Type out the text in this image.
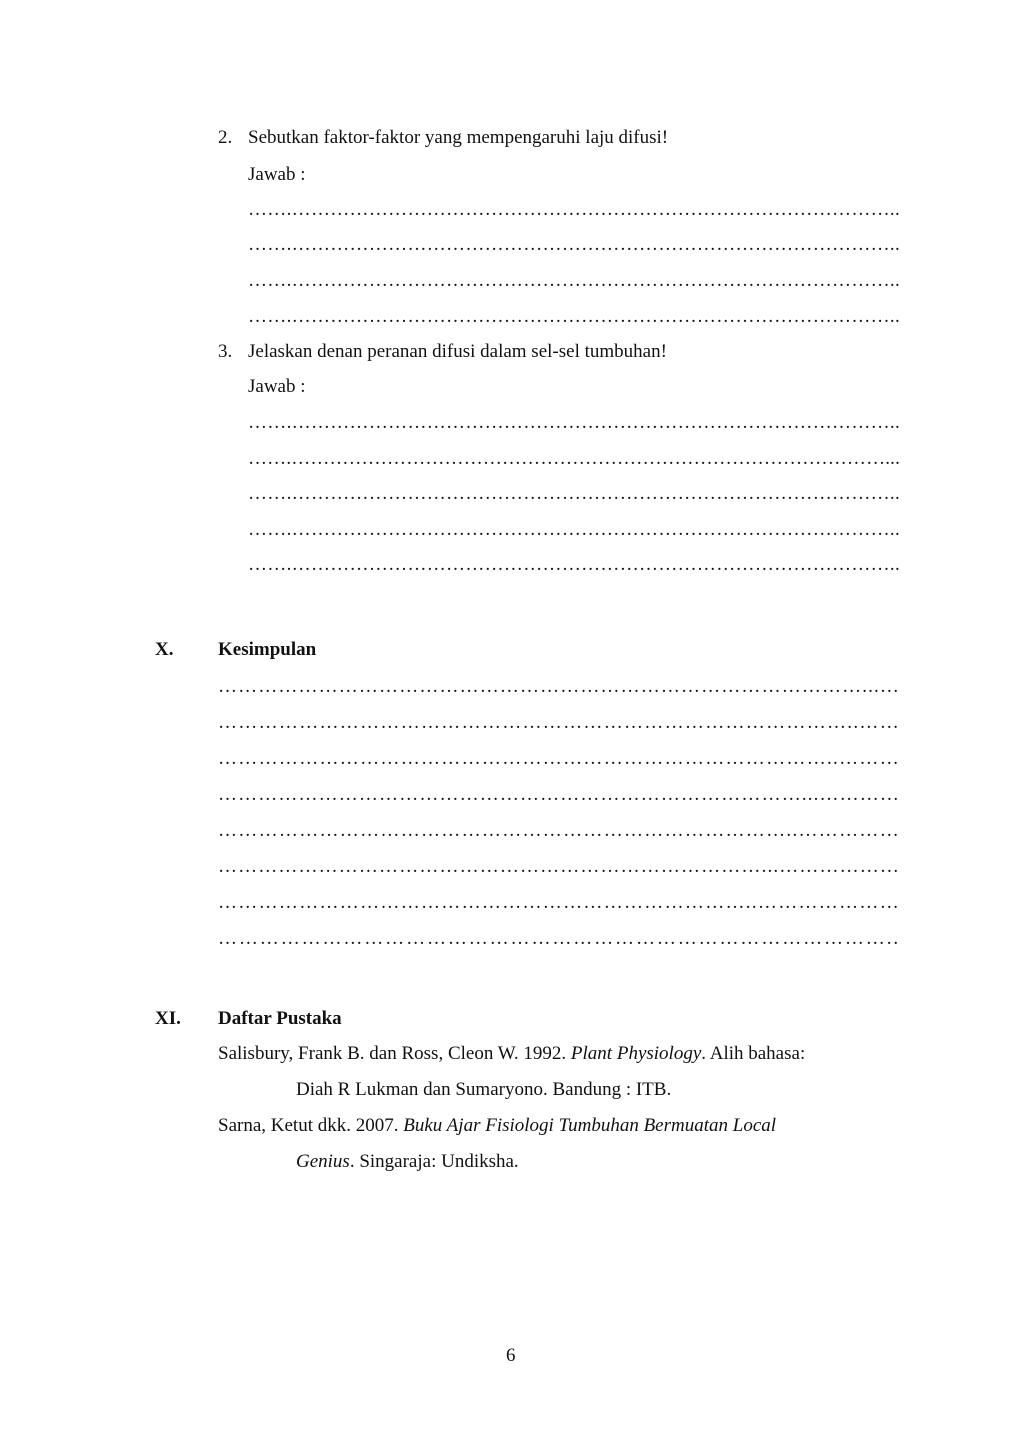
2. Sebutkan faktor-faktor yang mempengaruhi laju difusi!
Jawab :
…….…………………………………………………………………………………..
…….…………………………………………………………………………………..
…….…………………………………………………………………………………..
…….…………………………………………………………………………………..
3. Jelaskan denan peranan difusi dalam sel-sel tumbuhan!
Jawab :
…….…………………………………………………………………………………..
…….…………………………………………………………………………………...
…….…………………………………………………………………………………..
…….…………………………………………………………………………………..
…….…………………………………………………………………………………..
X. Kesimpulan
……………………………………………………………………………………...…
…………………………………………………………………………………..……
………………………………………………………………………………..………
……………………………………………………………………………...…………
…………………………………………………………………………..……………
………………………………………………………………………...………………
……………………………………………………………………..…………………
……………………………………………………………………………………..
XI. Daftar Pustaka
Salisbury, Frank B. dan Ross, Cleon W. 1992. Plant Physiology. Alih bahasa:
Diah R Lukman dan Sumaryono. Bandung : ITB.
Sarna, Ketut dkk. 2007. Buku Ajar Fisiologi Tumbuhan Bermuatan Local
Genius. Singaraja: Undiksha.
6
